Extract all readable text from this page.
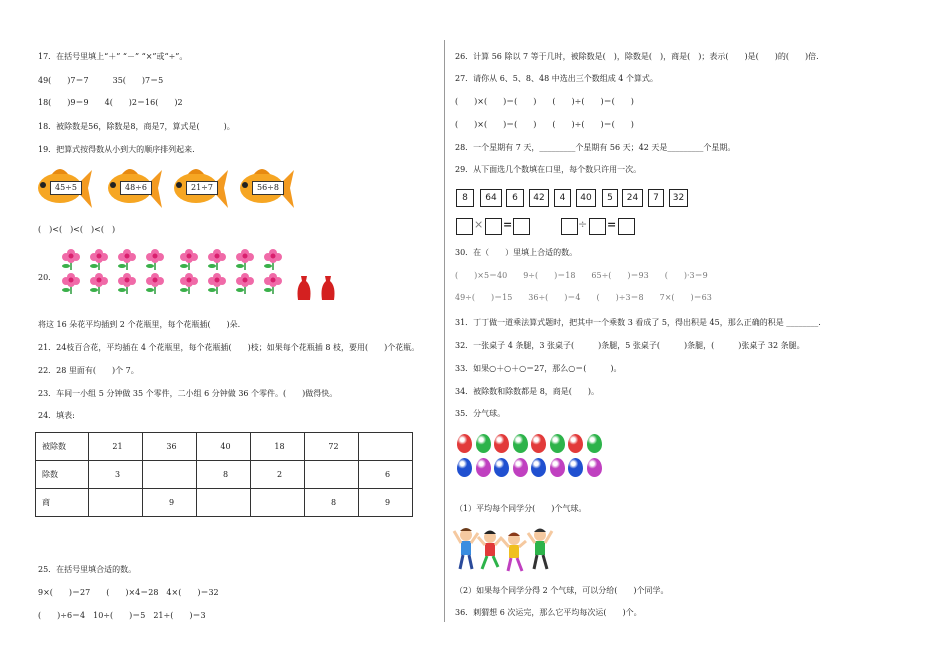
17．在括号里填上“＋” “－” “×”或“÷”。
49(　　)7＝7　　　35(　　)7＝5
18(　　)9＝9　　4(　　)2＝16(　　)2
18．被除数是56，除数是8，商是7，算式是(　　　)。
19．把算式按得数从小到大的顺序排列起来.
45÷5	48÷6	21÷7	56÷8
(　)<(　)<(　)<(　)
20．
将这 16 朵花平均插到 2 个花瓶里，每个花瓶插(　　)朵.
21．24枝百合花，平均插在 4 个花瓶里，每个花瓶插(　　)枝；如果每个花瓶插 8 枝，要用(　　)个花瓶。
22．28 里面有(　　)个 7。
23．车间一小组 5 分钟做 35 个零件，二小组 6 分钟做 36 个零件。(　　)做得快。
24．填表:
被除数	21	36	40	18	72	
除数	3		8	2		6
商		9			8	9
25．在括号里填合适的数。
9×(　　)＝27　　(　　)×4＝28　4×(　　)＝32
(　　)÷6＝4　10÷(　　)＝5　21÷(　　)＝3
26．计算 56 除以 7 等于几时，被除数是(　)，除数是(　)，商是(　)；表示(　　)是(　　)的(　　)倍.
27．请你从 6、5、8、48 中选出三个数组成 4 个算式。
(　　)×(　　)＝(　　)　　(　　)÷(　　)＝(　　)
(　　)×(　　)＝(　　)　　(　　)÷(　　)＝(　　)
28．一个星期有 7 天，_________个星期有 56 天；42 天是_________个星期。
29．从下面选几个数填在口里，每个数只许用一次。
8	64	6	42	4	40	5	24	7	32
× =	÷ =
30．在（　　）里填上合适的数。
(　　)×5＝40　　9÷(　　)＝18　　65÷(　　)＝93　　(　　)·3＝9
49÷(　　)＝15　　36÷(　　)＝4　　(　　)÷3＝8　　7×(　　)＝63
31．丁丁做一道乘法算式题时，把其中一个乘数 3 看成了 5，得出积是 45，那么正确的积是 ________.
32．一张桌子 4 条腿，3 张桌子(　　　)条腿，5 张桌子(　　　)条腿，(　　　)张桌子 32 条腿。
33．如果○＋○＋○＝27，那么○＝(　　　)。
34．被除数和除数都是 8，商是(　　)。
35．分气球。
（1）平均每个同学分(　　)个气球。
（2）如果每个同学分得 2 个气球，可以分给(　　)个同学。
36．刺猬想 6 次运完，那么它平均每次运(　　)个。
